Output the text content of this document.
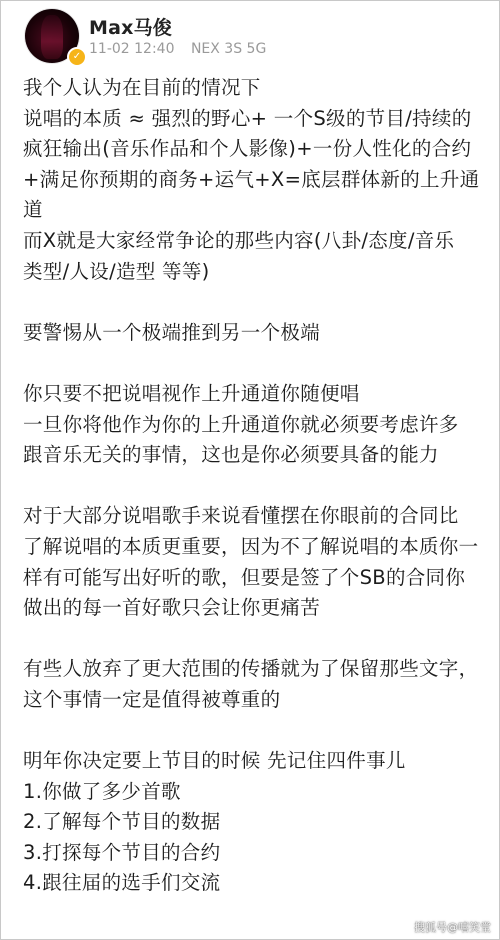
✓
Max马俊
11-02 12:40 NEX 3S 5G
我个人认为在目前的情况下
说唱的本质 ≈ 强烈的野心+ 一个S级的节目/持续的
疯狂输出(音乐作品和个人影像)+一份人性化的合约
+满足你预期的商务+运气+X=底层群体新的上升通
道
而X就是大家经常争论的那些内容(八卦/态度/音乐
类型/人设/造型 等等)
要警惕从一个极端推到另一个极端
你只要不把说唱视作上升通道你随便唱
一旦你将他作为你的上升通道你就必须要考虑许多
跟音乐无关的事情，这也是你必须要具备的能力
对于大部分说唱歌手来说看懂摆在你眼前的合同比
了解说唱的本质更重要，因为不了解说唱的本质你一
样有可能写出好听的歌，但要是签了个SB的合同你
做出的每一首好歌只会让你更痛苦
有些人放弃了更大范围的传播就为了保留那些文字，
这个事情一定是值得被尊重的
明年你决定要上节目的时候 先记住四件事儿
1.你做了多少首歌
2.了解每个节目的数据
3.打探每个节目的合约
4.跟往届的选手们交流
搜狐号@嘻笑堂
